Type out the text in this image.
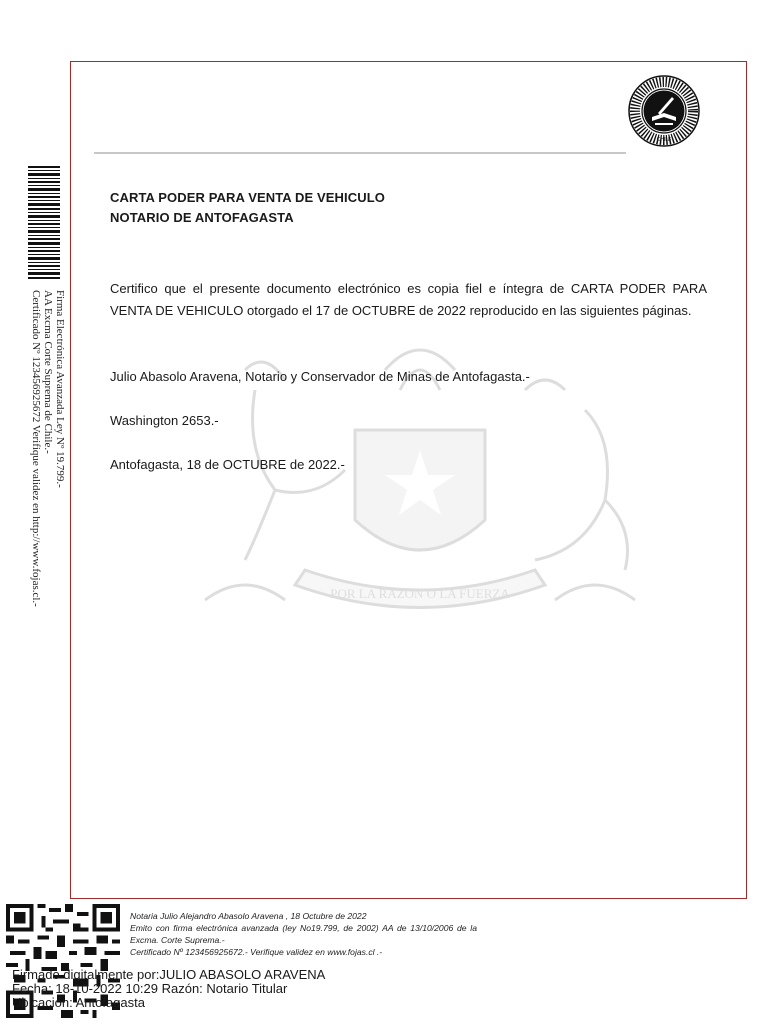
CHILE
POR LA RAZON O LA FUERZA
Firma Electrónica Avanzada Ley Nº 19.799.-
AA Excma Corte Suprema de Chile.-
Certificado Nº 123456925672 Verifique validez en http://www.fojas.cl.-
CARTA PODER PARA VENTA DE VEHICULO
NOTARIO DE ANTOFAGASTA
Certifico que el presente documento electrónico es copia fiel e íntegra de CARTA PODER PARA VENTA DE VEHICULO otorgado el 17 de OCTUBRE de 2022 reproducido en las siguientes páginas.
Julio Abasolo Aravena, Notario y Conservador de Minas de Antofagasta.-
Washington 2653.-
Antofagasta, 18 de OCTUBRE de 2022.-
Notaria Julio Alejandro Abasolo Aravena , 18 Octubre de 2022
Emito con firma electrónica avanzada (ley No19.799, de 2002) AA de 13/10/2006 de la Excma. Corte Suprema.-
Certificado Nº 123456925672.- Verifique validez en www.fojas.cl .-
Firmado digitalmente por:JULIO ABASOLO ARAVENA
Fecha: 18-10-2022 10:29 Razón: Notario Titular
Ubicación: Antofagasta
